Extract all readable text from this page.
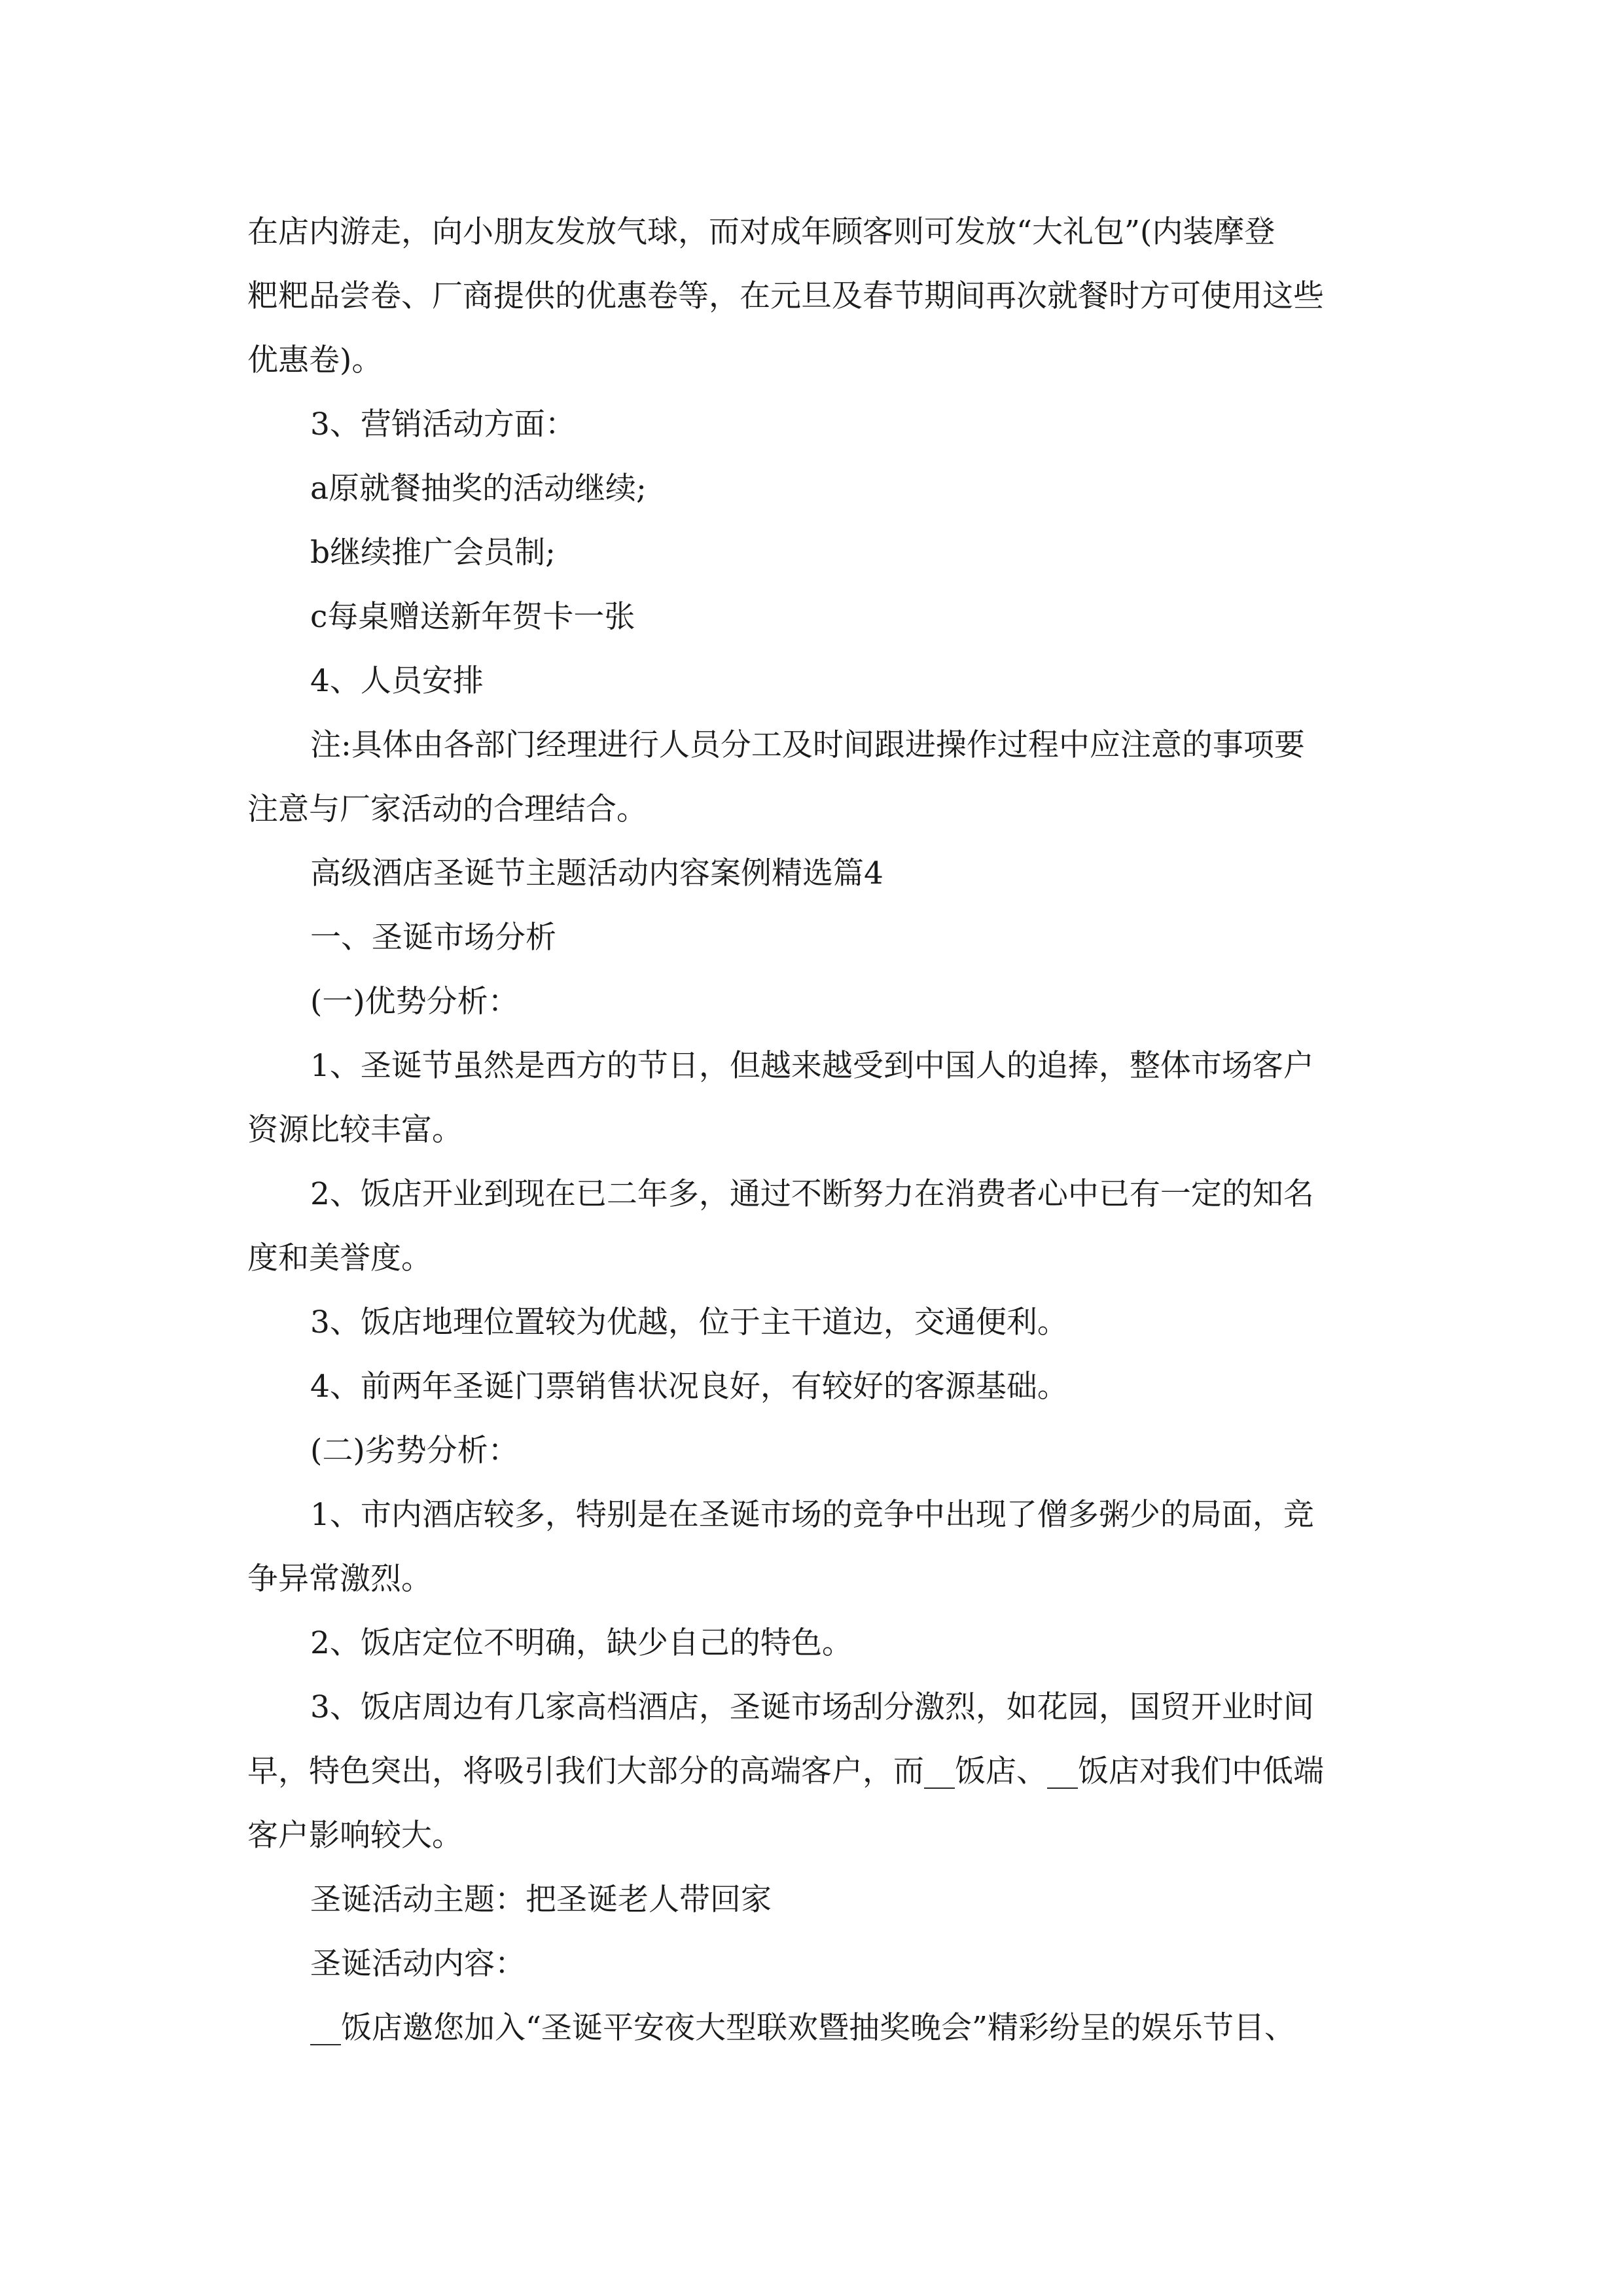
在店内游走，向小朋友发放气球，而对成年顾客则可发放“大礼包”(内装摩登

粑粑品尝卷、厂商提供的优惠卷等，在元旦及春节期间再次就餐时方可使用这些

优惠卷)。

3、营销活动方面：

a原就餐抽奖的活动继续;

b继续推广会员制;

c每桌赠送新年贺卡一张

4、人员安排

注:具体由各部门经理进行人员分工及时间跟进操作过程中应注意的事项要

注意与厂家活动的合理结合。

高级酒店圣诞节主题活动内容案例精选篇4

一、圣诞市场分析

(一)优势分析：

1、圣诞节虽然是西方的节日，但越来越受到中国人的追捧，整体市场客户

资源比较丰富。

2、饭店开业到现在已二年多，通过不断努力在消费者心中已有一定的知名

度和美誉度。

3、饭店地理位置较为优越，位于主干道边，交通便利。

4、前两年圣诞门票销售状况良好，有较好的客源基础。

(二)劣势分析：

1、市内酒店较多，特别是在圣诞市场的竞争中出现了僧多粥少的局面，竞

争异常激烈。

2、饭店定位不明确，缺少自己的特色。

3、饭店周边有几家高档酒店，圣诞市场刮分激烈，如花园，国贸开业时间

早，特色突出，将吸引我们大部分的高端客户，而__饭店、__饭店对我们中低端

客户影响较大。

圣诞活动主题：把圣诞老人带回家

圣诞活动内容：

__饭店邀您加入“圣诞平安夜大型联欢暨抽奖晚会”精彩纷呈的娱乐节目、
